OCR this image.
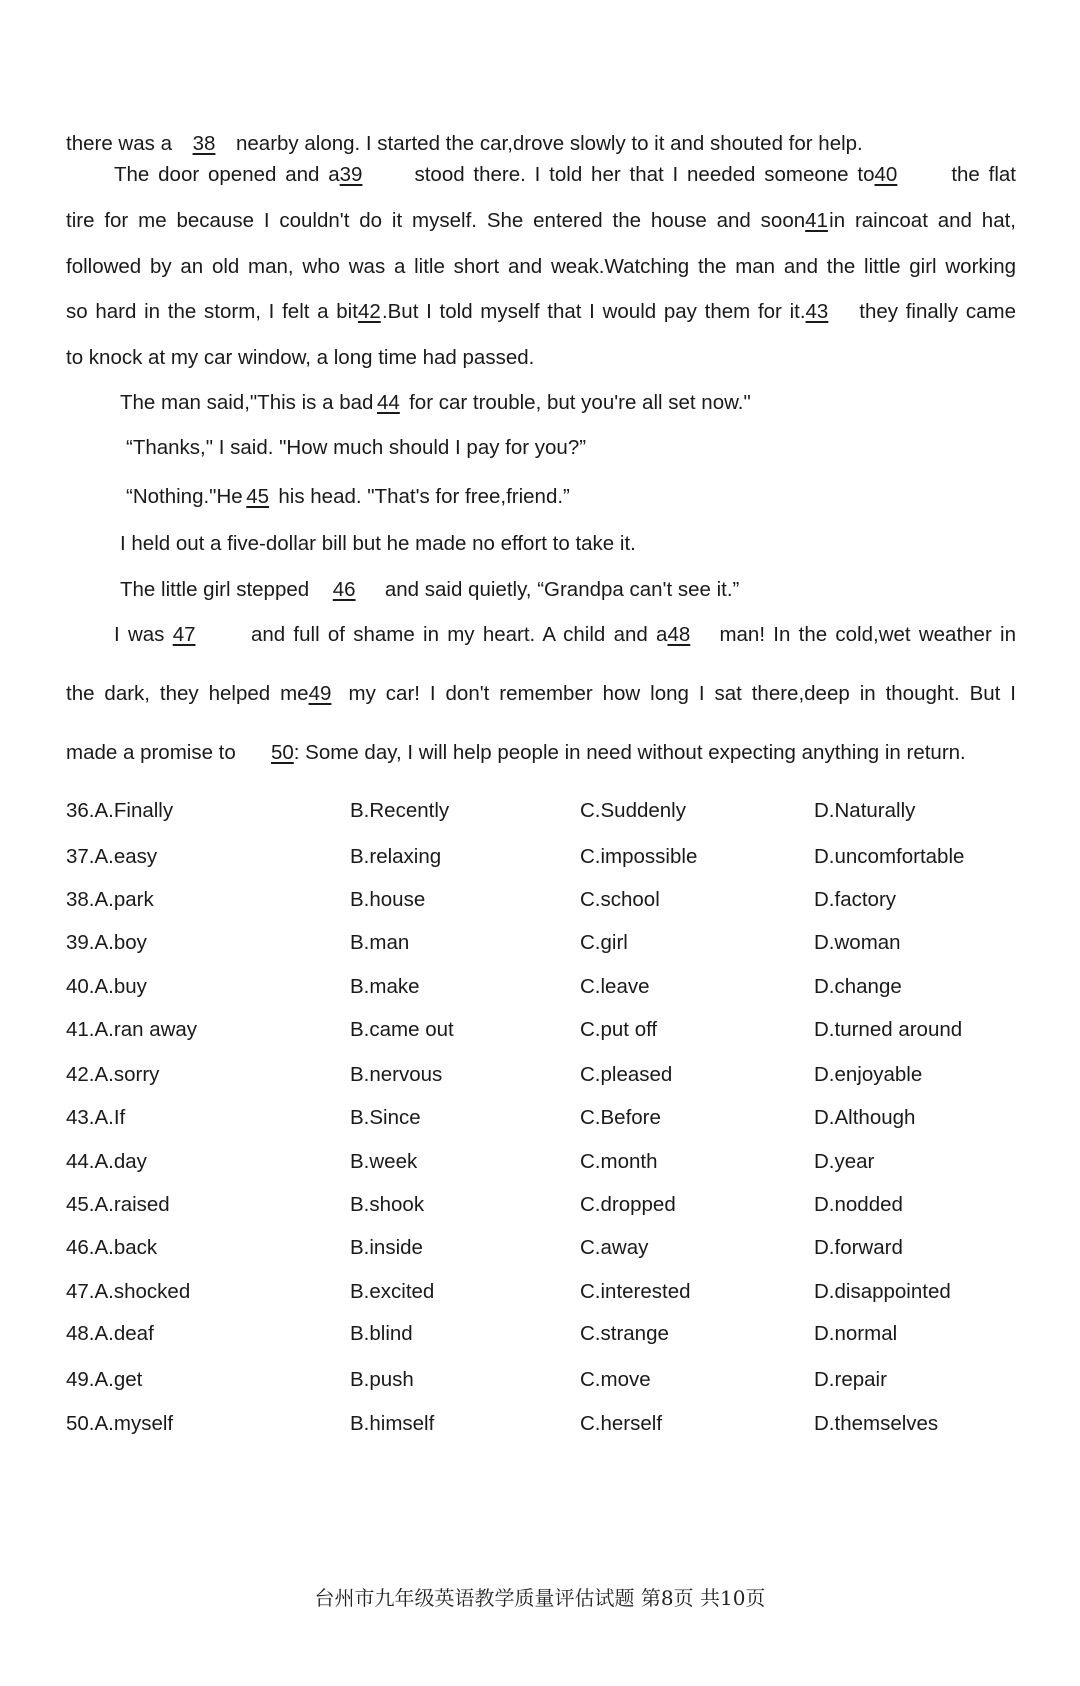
there was a 38 nearby along. I started the car,drove slowly to it and shouted for help.
The door opened and a39	stood there. I told her that I needed someone to40	the flat
tire for me because I couldn't do it myself. She entered the house and soon41in raincoat and hat,
followed by an old man, who was a litle short and weak.Watching the man and the little girl working
so hard in the storm, I felt a bit42.But I told myself that I would pay them for it.43 they finally came
to knock at my car window, a long time had passed.
The man said,"This is a bad 44 for car trouble, but you're all set now."
“Thanks," I said. "How much should I pay for you?”
“Nothing."He 45 his head. "That's for free,friend.”
I held out a five-dollar bill but he made no effort to take it.
The little girl stepped 46 and said quietly, “Grandpa can't see it.”
I was 47	and full of shame in my heart. A child and a48 man! In the cold,wet weather in
the dark, they helped me49 my car! I don't remember how long I sat there,deep in thought. But I
made a promise to 50: Some day, I will help people in need without expecting anything in return.
36.A.Finally	B.Recently	C.Suddenly	D.Naturally
37.A.easy	B.relaxing	C.impossible	D.uncomfortable
38.A.park	B.house	C.school	D.factory
39.A.boy	B.man	C.girl	D.woman
40.A.buy	B.make	C.leave	D.change
41.A.ran away	B.came out	C.put off	D.turned around
42.A.sorry	B.nervous	C.pleased	D.enjoyable
43.A.If	B.Since	C.Before	D.Although
44.A.day	B.week	C.month	D.year
45.A.raised	B.shook	C.dropped	D.nodded
46.A.back	B.inside	C.away	D.forward
47.A.shocked	B.excited	C.interested	D.disappointed
48.A.deaf	B.blind	C.strange	D.normal
49.A.get	B.push	C.move	D.repair
50.A.myself	B.himself	C.herself	D.themselves
台州市九年级英语教学质量评估试题 第8页 共10页
